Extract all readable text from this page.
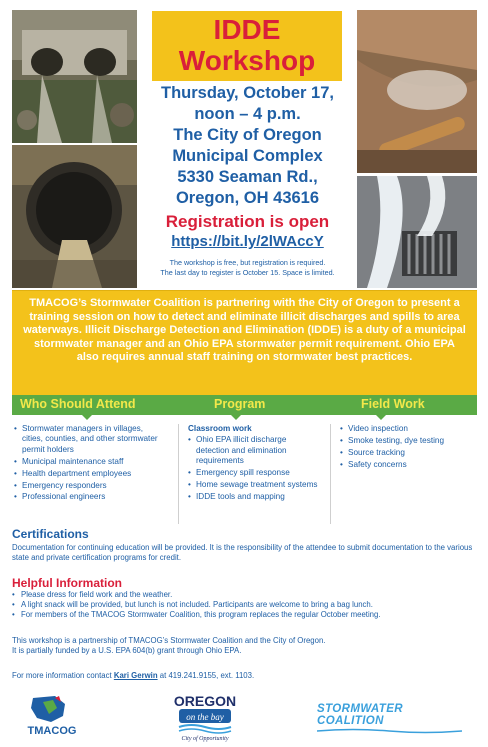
IDDE
Workshop
Thursday, October 17,
noon – 4 p.m.
The City of Oregon
Municipal Complex
5330 Seaman Rd.,
Oregon, OH 43616
Registration is open
https://bit.ly/2lWAccY
The workshop is free, but registration is required.
The last day to register is October 15. Space is limited.

TMACOG’s Stormwater Coalition is partnering with the City of Oregon to present a training session on how to detect and eliminate illicit discharges and spills to area waterways. Illicit Discharge Detection and Elimination (IDDE) is a duty of a municipal stormwater manager and an Ohio EPA stormwater permit requirement. Ohio EPA also requires annual staff training on stormwater best practices.

Who Should Attend	Program	Field Work
• Stormwater managers in villages, cities, counties, and other stormwater permit holders
• Municipal maintenance staff
• Health department employees
• Emergency responders
• Professional engineers
Classroom work
• Ohio EPA illicit discharge detection and elimination requirements
• Emergency spill response
• Home sewage treatment systems
• IDDE tools and mapping
• Video inspection
• Smoke testing, dye testing
• Source tracking
• Safety concerns
Certifications
Documentation for continuing education will be provided. It is the responsibility of the attendee to submit documentation to the various state and private certification programs for credit.
Helpful Information
• Please dress for field work and the weather.
• A light snack will be provided, but lunch is not included. Participants are welcome to bring a bag lunch.
• For members of the TMACOG Stormwater Coalition, this program replaces the regular October meeting.
This workshop is a partnership of TMACOG’s Stormwater Coalition and the City of Oregon.
It is partially funded by a U.S. EPA 604(b) grant through Ohio EPA.
For more information contact Kari Gerwin at 419.241.9155, ext. 1103.
TMACOG
OREGON
on the bay
City of Opportunity
STORMWATER COALITION
